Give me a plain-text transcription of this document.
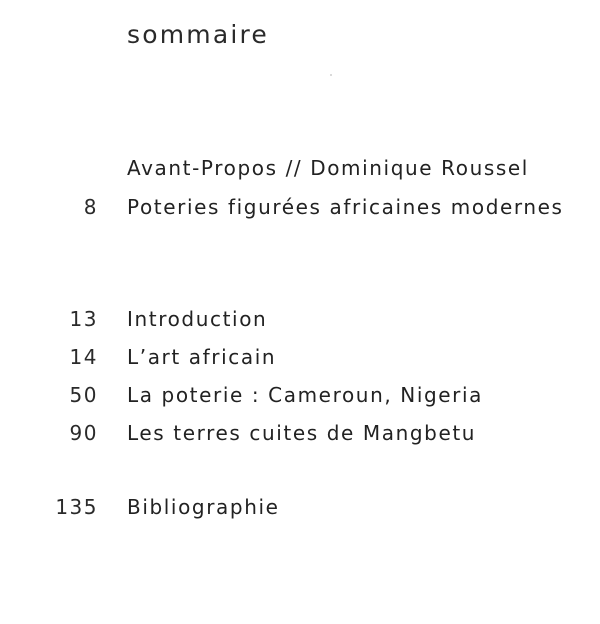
sommaire
Avant-Propos // Dominique Roussel
8 Poteries figurées africaines modernes
13 Introduction
14 L’art africain
50 La poterie : Cameroun, Nigeria
90 Les terres cuites de Mangbetu
135 Bibliographie
